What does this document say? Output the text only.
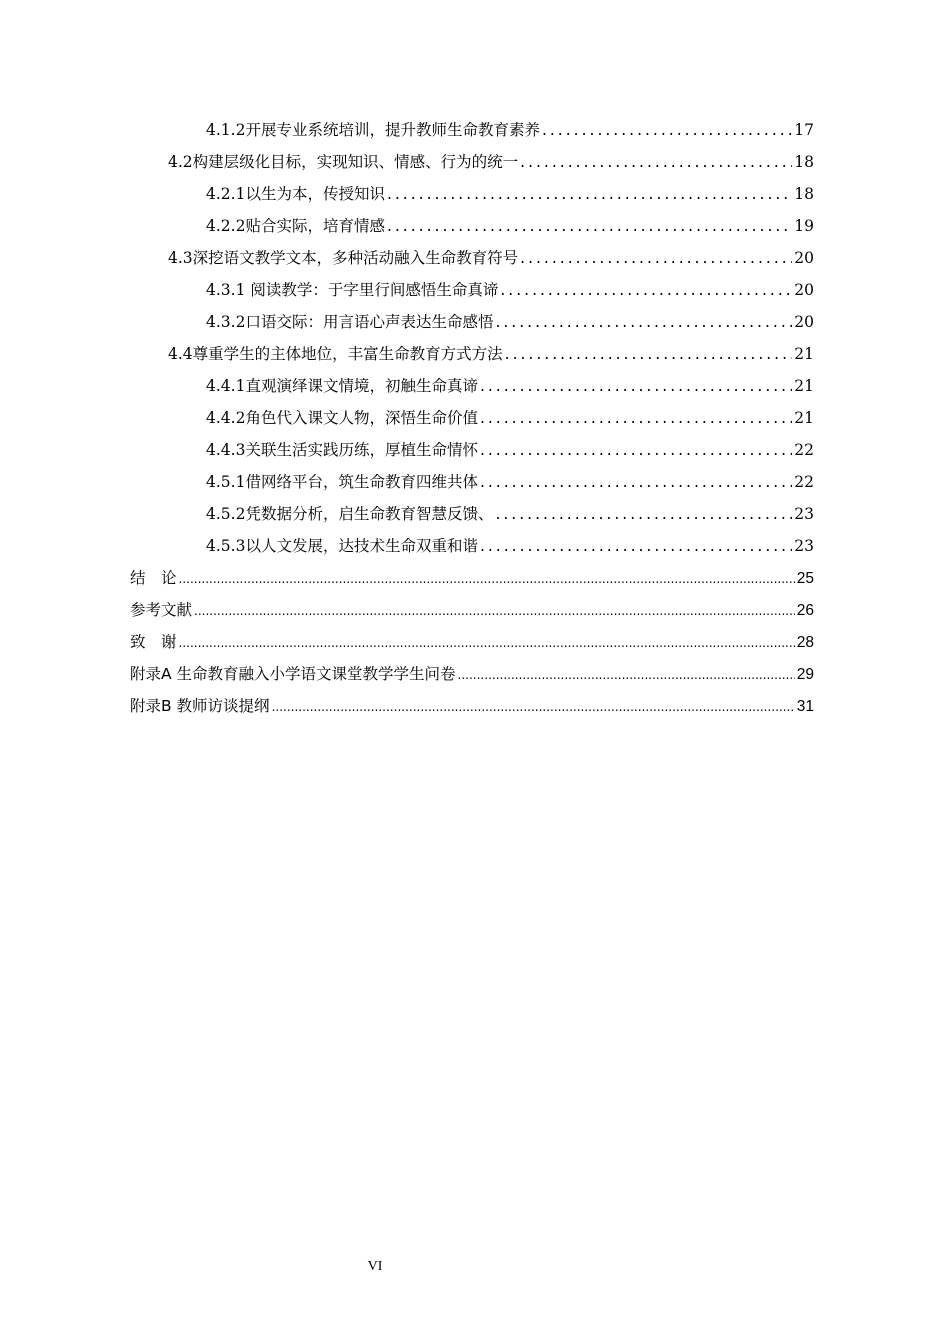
4.1.2开展专业系统培训，提升教师生命教育素养 .....	17
4.2构建层级化目标，实现知识、情感、行为的统一 .....	18
4.2.1以生为本，传授知识 .....	18
4.2.2贴合实际，培育情感 .....	19
4.3深挖语文教学文本，多种活动融入生命教育符号 .....	20
4.3.1 阅读教学：于字里行间感悟生命真谛 .....	20
4.3.2口语交际：用言语心声表达生命感悟 .....	20
4.4尊重学生的主体地位，丰富生命教育方式方法 .....	21
4.4.1直观演绎课文情境，初触生命真谛 .....	21
4.4.2角色代入课文人物，深悟生命价值 .....	21
4.4.3关联生活实践历练，厚植生命情怀 .....	22
4.5.1借网络平台，筑生命教育四维共体 .....	22
4.5.2凭数据分析，启生命教育智慧反馈、 .....	23
4.5.3以人文发展，达技术生命双重和谐 .....	23
结　论 .....	25
参考文献 .....	26
致　谢 .....	28
附录A 生命教育融入小学语文课堂教学学生问卷 .....	29
附录B 教师访谈提纲 .....	31
VI
